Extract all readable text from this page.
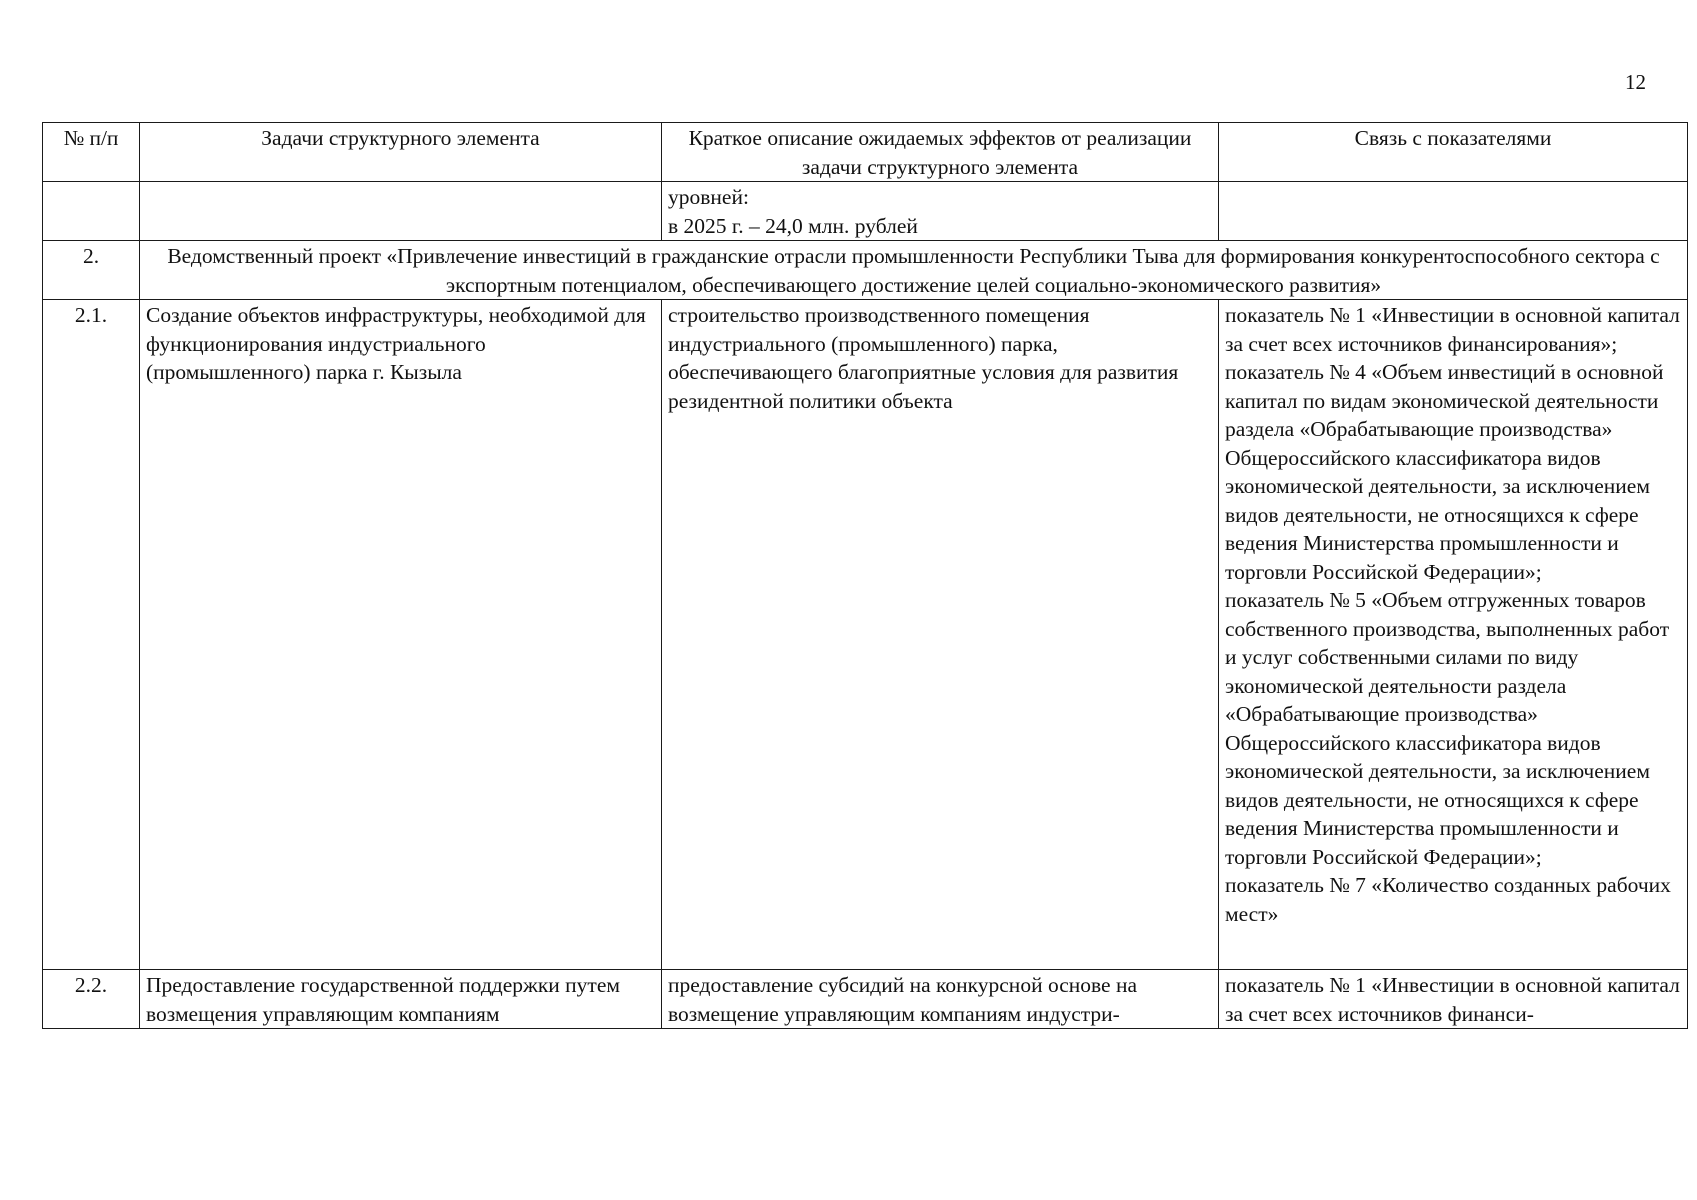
12
№ п/п	Задачи структурного элемента	Краткое описание ожидаемых эффектов от реализации задачи структурного элемента	Связь с показателями
		уровней:
в 2025 г. – 24,0 млн. рублей	
2.	Ведомственный проект «Привлечение инвестиций в гражданские отрасли промышленности Республики Тыва для формирования конкурентоспособного сектора с экспортным потенциалом, обеспечивающего достижение целей социально-экономического развития»		
2.1.	Создание объектов инфраструктуры, необходимой для функционирования индустриального (промышленного) парка г. Кызыла	строительство производственного помещения индустриального (промышленного) парка, обеспечивающего благоприятные условия для развития резидентной политики объекта	показатель № 1 «Инвестиции в основной капитал за счет всех источников финансирования»;
показатель № 4 «Объем инвестиций в основной капитал по видам экономической деятельности раздела «Обрабатывающие производства» Общероссийского классификатора видов экономической деятельности, за исключением видов деятельности, не относящихся к сфере ведения Министерства промышленности и торговли Российской Федерации»;
показатель № 5 «Объем отгруженных товаров собственного производства, выполненных работ и услуг собственными силами по виду экономической деятельности раздела «Обрабатывающие производства» Общероссийского классификатора видов экономической деятельности, за исключением видов деятельности, не относящихся к сфере ведения Министерства промышленности и торговли Российской Федерации»;
показатель № 7 «Количество созданных рабочих мест»
2.2.	Предоставление государственной поддержки путем возмещения управляющим компаниям	предоставление субсидий на конкурсной основе на возмещение управляющим компаниям индустри-	показатель № 1 «Инвестиции в основной капитал за счет всех источников финанси-
